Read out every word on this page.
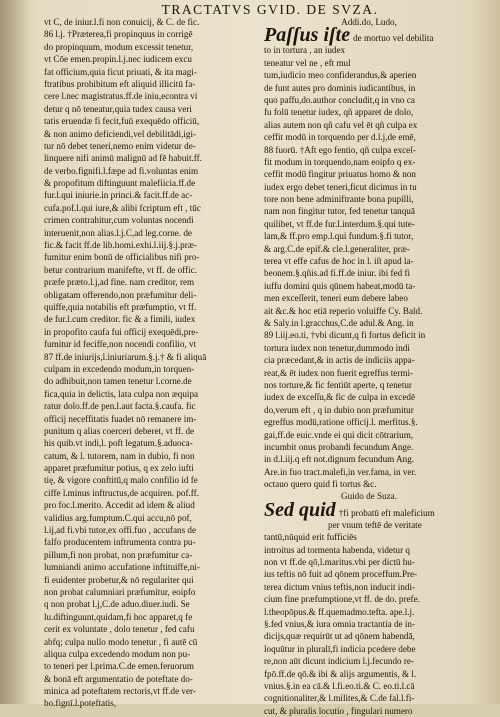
TRACTATVS GVID. DE SVZA.
vt C, de iniur.l.fi non conuicij, & C. de fic.
86 l.j. †Præterea,fi propinquus in corrigē
do propinquum, modum excessit tenetur,
vt Cōe emen.propin.l.j.nec iudicem excu
fat officium,quia ficut priuati, & ita magi-
ftratibus prohibitum eft aliquid illicitū fa-
cere l.nec magistratus.ff.de iniu,econtra vi
detur q nō teneatur,quia tudex causa veri
tatis eruendæ fi fecit,fuū exequēdo officiū,
& non animo deficiendi,vel debilitādi,igi-
tur nō debet teneri,nemo enim videtur de-
linquere nifi animū malignū ad fē habuit.ff.
de verbo.fignifi.l.fæpe ad fi.voluntas enim
& propofitum diftinguunt malefiicia.ff.de
fur.l.qui iniurie.in princi.& facit.ff.de ac-
cufa.pof.l.qui iure,& alibi fcriptum eft , tūc
crimen contrahitur,cum voluntas nocendi
interuenit,non alias.l.j.C,ad leg.corne. de
fic.& facit ff.de lib.homi.exhi.l.iij.§.j.præ-
fumitur enim bonū de officialibus nifi pro-
betur contrarium manifefte, vt ff. de offic.
præfe præto.l.j,ad fine. nam creditor, rem
obligatam offerendo,non præfumitur deli-
quiffe,quia notabilis eft præfumptio, vt ff.
de fur.l.cum creditor. fic & a fimili, iudex
in propofito caufa fui officij exequēdi,pre-
fumitur id feciffe,non nocendi confilio, vt
87 ff.de iniurijs,l.iniuriarum.§.j.† & fi aliquā
culpam in excedendo modum,in torquen-
do adhibuit,non tamen tenetur l.corne.de
fica,quia in delictis, lata culpa non æquipa
ratur dolo.ff.de pen.l.aut facta.§.caufa. fic
officij neceffitatis fuadet nō remanere im-
punitum q alias coerceri deberet, vt ff. de
his quib.vt indi,l. poft legatum.§.aduoca-
catum, & l. tutorem, nam in dubio, fi non
apparet præfumitur potius, q ex zelo iufti
tię, & vigore conftitū,q malo confilio id fe
ciffe l.minus inftructus,de acquiren. pof.ff.
pro foc.l.merito. Accedit ad idem & aliud
validius arg.fumptum.C.qui accu,nō pof,
l.ij,ad fi.vbi tutor,ex offi.fuo , accufans de
falfo producentem inftrumenta contra pu-
pillum,fi non probat, non præfumitur ca-
lumniandi animo accufatione inftituiffe,ni-
fi euidenter probetur,& nō regulariter qui
non probat calumniari præfumitur, eoipfo
q non probat l.j,C.de aduo.diuer.iudi. Se
lu.diftinguunt,quidam,fi hoc apparet,q fe
cerit ex voluntate , dolo tenetur , fed cafu
abfq; culpa nullo modo tenetur , fi autē cū
aliqua culpa excedendo modum non pu-
to teneri per l.prima.C.de emen.feruorum
& bonā eft argumentatio de poteftate do-
minica ad poteftatem rectoris,vt ff.de ver-
bo.fignī.l.poteftatis,
Addi.do, Ludo,
Paſſus iſte de mortuo vel debilita
to in tortura , an iudex
teneatur vel ne , eft mul
tum,iudicio meo confiderandus,& aperien
de funt autes pro dominis iudicantibus, in
quo paffu,do.author concludit,q in vno ca
fu folū tenetur iudex, qñ apparet de dolo,
alias autem non qñ cafu vel ēt qñ culpa ex
ceffit modū in torquendo per d.l.j,de emē,
88 fuorū. †Aft ego fentio, qñ culpa exceſ-
fit modum in torquendo,nam eoipfo q ex-
ceffit modū fingitur priuatus homo & non
iudex ergo debet teneri,ficut dicimus in tu
tore non bene adminiftrante bona pupilli,
nam non fingitur tutor, fed tenetur tanquā
quilibet, vt ff.de fur.l.interdum.§.qui tute-
lam,& ff.pro emp.l.qui fundum.§.fi tutor,
& arg.C.de epif.& cle.l.generaliter, præ-
terea vt effe cafus de hoc in l. iſt apud la-
beonem.§.qñis.ad fi.ff.de iniur. ibi fed fi
iuffu domini quis qūnem habeat,modū ta-
men exceſſerit, teneri eum debere labeo
ait &c.& hoc etiā reperio voluiffe Cy. Bald.
& Saly.in l.gracchus,C.de adul.& Ang. in
89 l.iij.eo.ti, †vbi dicunt,q fi fortus deficit in
tortura iudex non tenetur,dummodo indi
cia præcedant,& in actis de indiciis appa-
reat,& ēt iudex non fuerit egreffus termi-
nos torture,& fic fentiūt aperte, q tenetur
iudex de exceſſu,& fic de culpa in excedē
do,verum eft , q in dubio non præfumitur
egreffus modū,ratione officij.l. merfitus.§.
gai,ff.de euic.vnde ei qui dicit cōtrarium,
incumbit onus probandi fecundum Ange.
in d.l.iij.q eft not.dignum fecundum Ang.
Are.in fuo tract.malefi,in ver.fama, in ver.
octauo quero quid fi tortus &c.
Guido de Suza.
Sed quid †fi probatū eft maleficium
per vnum teftē de veritate
tantū,nūquid erit fufficiēs
introitus ad tormenta habenda, videtur q
non vt ff.de qō,l.maritus.vbi per dictū hu-
ius teftis nō fuit ad qōnem proceffum.Pre-
terea dictum vnius teftis,non inducit indi-
cium fine præfumptione,vt ff. de do. prefe.
l.theopōpus.& ff.quemadmo.tefta. ape.l.j.
§.fed vnius,& iura omnia tractantia de in-
dicijs,quæ requirūt ut ad qōnem habendā,
loquūtur in pluralī,fi indicia pcedere debe
re,non aūt dicunt indicium l.j.fecundo re-
fpō.ff.de qō.& ibi & alijs argumentis, & l.
vnius.§.in ea cā.& l.fi.eo.ti.& C. eo.ti.l.cā
cognitionaliter,& l.milites,& C.de fal.l.fi-
cut, & pluralis locutio , fingulari numero
